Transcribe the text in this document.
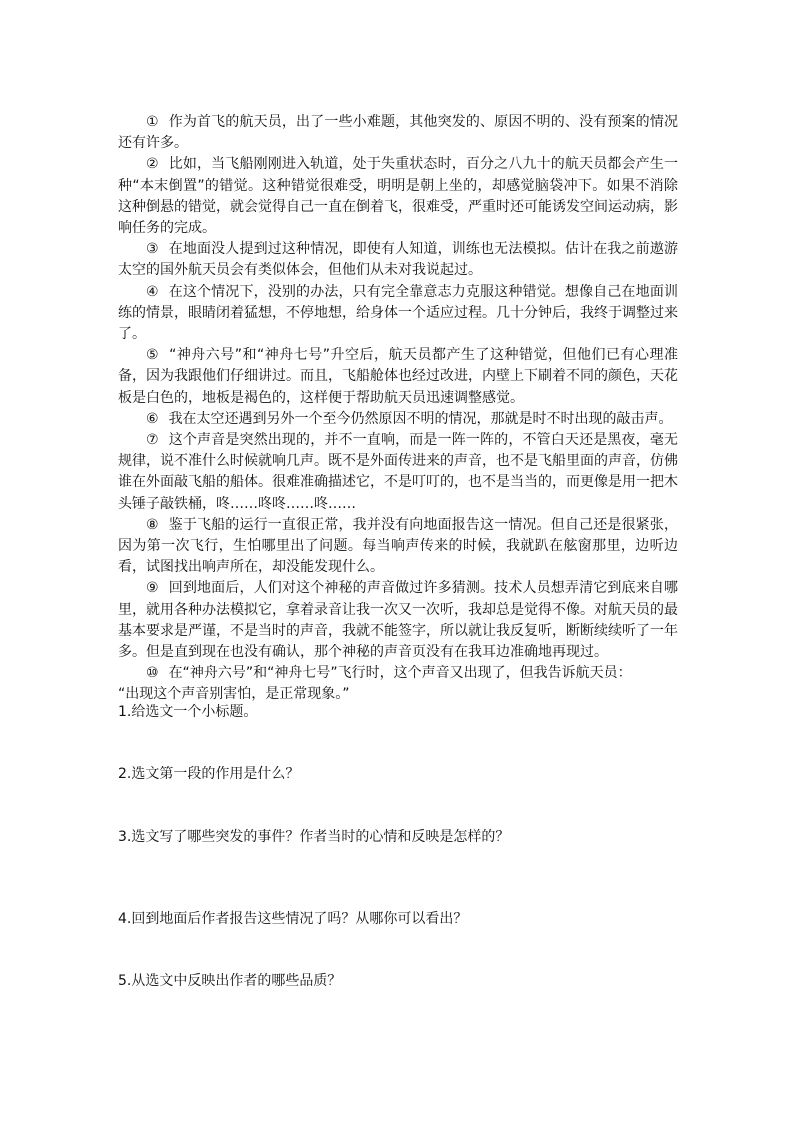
① 作为首飞的航天员，出了一些小难题，其他突发的、原因不明的、没有预案的情况还有许多。

② 比如，当飞船刚刚进入轨道，处于失重状态时，百分之八九十的航天员都会产生一种“本末倒置”的错觉。这种错觉很难受，明明是朝上坐的，却感觉脑袋冲下。如果不消除这种倒悬的错觉，就会觉得自己一直在倒着飞，很难受，严重时还可能诱发空间运动病，影响任务的完成。

③ 在地面没人提到过这种情况，即使有人知道，训练也无法模拟。估计在我之前遨游太空的国外航天员会有类似体会，但他们从未对我说起过。

④ 在这个情况下，没别的办法，只有完全靠意志力克服这种错觉。想像自己在地面训练的情景，眼睛闭着猛想，不停地想，给身体一个适应过程。几十分钟后，我终于调整过来了。

⑤ “神舟六号”和“神舟七号”升空后，航天员都产生了这种错觉，但他们已有心理准备，因为我跟他们仔细讲过。而且，飞船舱体也经过改进，内壁上下刷着不同的颜色，天花板是白色的，地板是褐色的，这样便于帮助航天员迅速调整感觉。

⑥ 我在太空还遇到另外一个至今仍然原因不明的情况，那就是时不时出现的敲击声。

⑦ 这个声音是突然出现的，并不一直响，而是一阵一阵的，不管白天还是黑夜，毫无规律，说不准什么时候就响几声。既不是外面传进来的声音，也不是飞船里面的声音，仿佛谁在外面敲飞船的船体。很难准确描述它，不是叮叮的，也不是当当的，而更像是用一把木头锤子敲铁桶，咚……咚咚……咚……

⑧ 鉴于飞船的运行一直很正常，我并没有向地面报告这一情况。但自己还是很紧张，因为第一次飞行，生怕哪里出了问题。每当响声传来的时候，我就趴在舷窗那里，边听边看，试图找出响声所在，却没能发现什么。

⑨ 回到地面后，人们对这个神秘的声音做过许多猜测。技术人员想弄清它到底来自哪里，就用各种办法模拟它，拿着录音让我一次又一次听，我却总是觉得不像。对航天员的最基本要求是严谨，不是当时的声音，我就不能签字，所以就让我反复听，断断续续听了一年多。但是直到现在也没有确认，那个神秘的声音页没有在我耳边准确地再现过。

⑩ 在“神舟六号”和“神舟七号”飞行时，这个声音又出现了，但我告诉航天员：

“出现这个声音别害怕，是正常现象。”

1.给选文一个小标题。

2.选文第一段的作用是什么？

3.选文写了哪些突发的事件？作者当时的心情和反映是怎样的？

4.回到地面后作者报告这些情况了吗？从哪你可以看出？

5.从选文中反映出作者的哪些品质？
